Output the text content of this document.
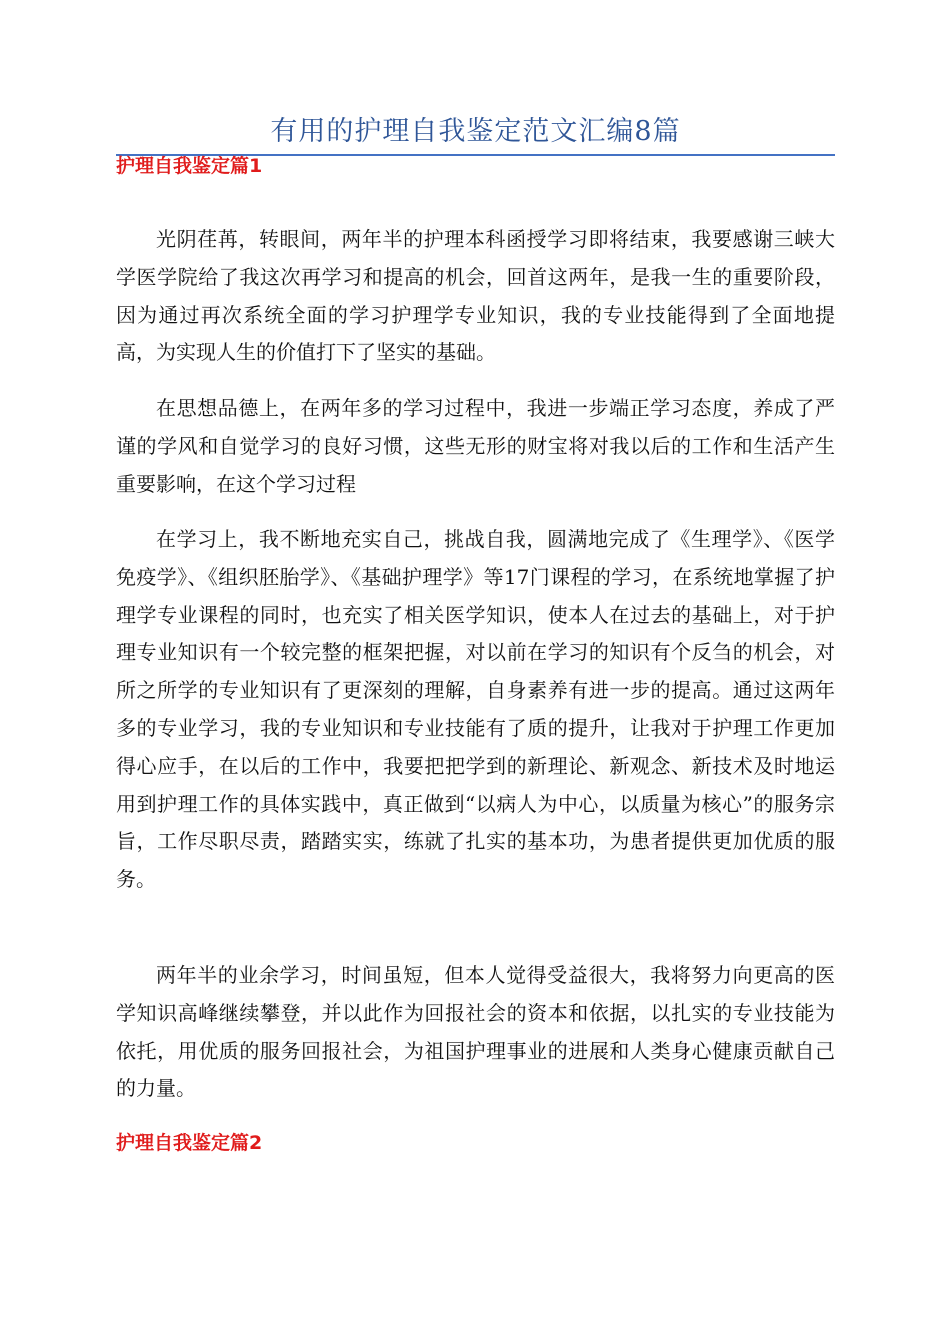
有用的护理自我鉴定范文汇编8篇
护理自我鉴定篇1

光阴荏苒，转眼间，两年半的护理本科函授学习即将结束，我要感谢三峡大学医学院给了我这次再学习和提高的机会，回首这两年，是我一生的重要阶段，因为通过再次系统全面的学习护理学专业知识，我的专业技能得到了全面地提高，为实现人生的价值打下了坚实的基础。

在思想品德上，在两年多的学习过程中，我进一步端正学习态度，养成了严谨的学风和自觉学习的良好习惯，这些无形的财宝将对我以后的工作和生活产生重要影响，在这个学习过程

在学习上，我不断地充实自己，挑战自我，圆满地完成了《生理学》、《医学免疫学》、《组织胚胎学》、《基础护理学》等17门课程的学习，在系统地掌握了护理学专业课程的同时，也充实了相关医学知识，使本人在过去的基础上，对于护理专业知识有一个较完整的框架把握，对以前在学习的知识有个反刍的机会，对所之所学的专业知识有了更深刻的理解，自身素养有进一步的提高。通过这两年多的专业学习，我的专业知识和专业技能有了质的提升，让我对于护理工作更加得心应手，在以后的工作中，我要把把学到的新理论、新观念、新技术及时地运用到护理工作的具体实践中，真正做到“以病人为中心，以质量为核心”的服务宗旨，工作尽职尽责，踏踏实实，练就了扎实的基本功，为患者提供更加优质的服务。

两年半的业余学习，时间虽短，但本人觉得受益很大，我将努力向更高的医学知识高峰继续攀登，并以此作为回报社会的资本和依据，以扎实的专业技能为依托，用优质的服务回报社会，为祖国护理事业的进展和人类身心健康贡献自己的力量。

护理自我鉴定篇2
